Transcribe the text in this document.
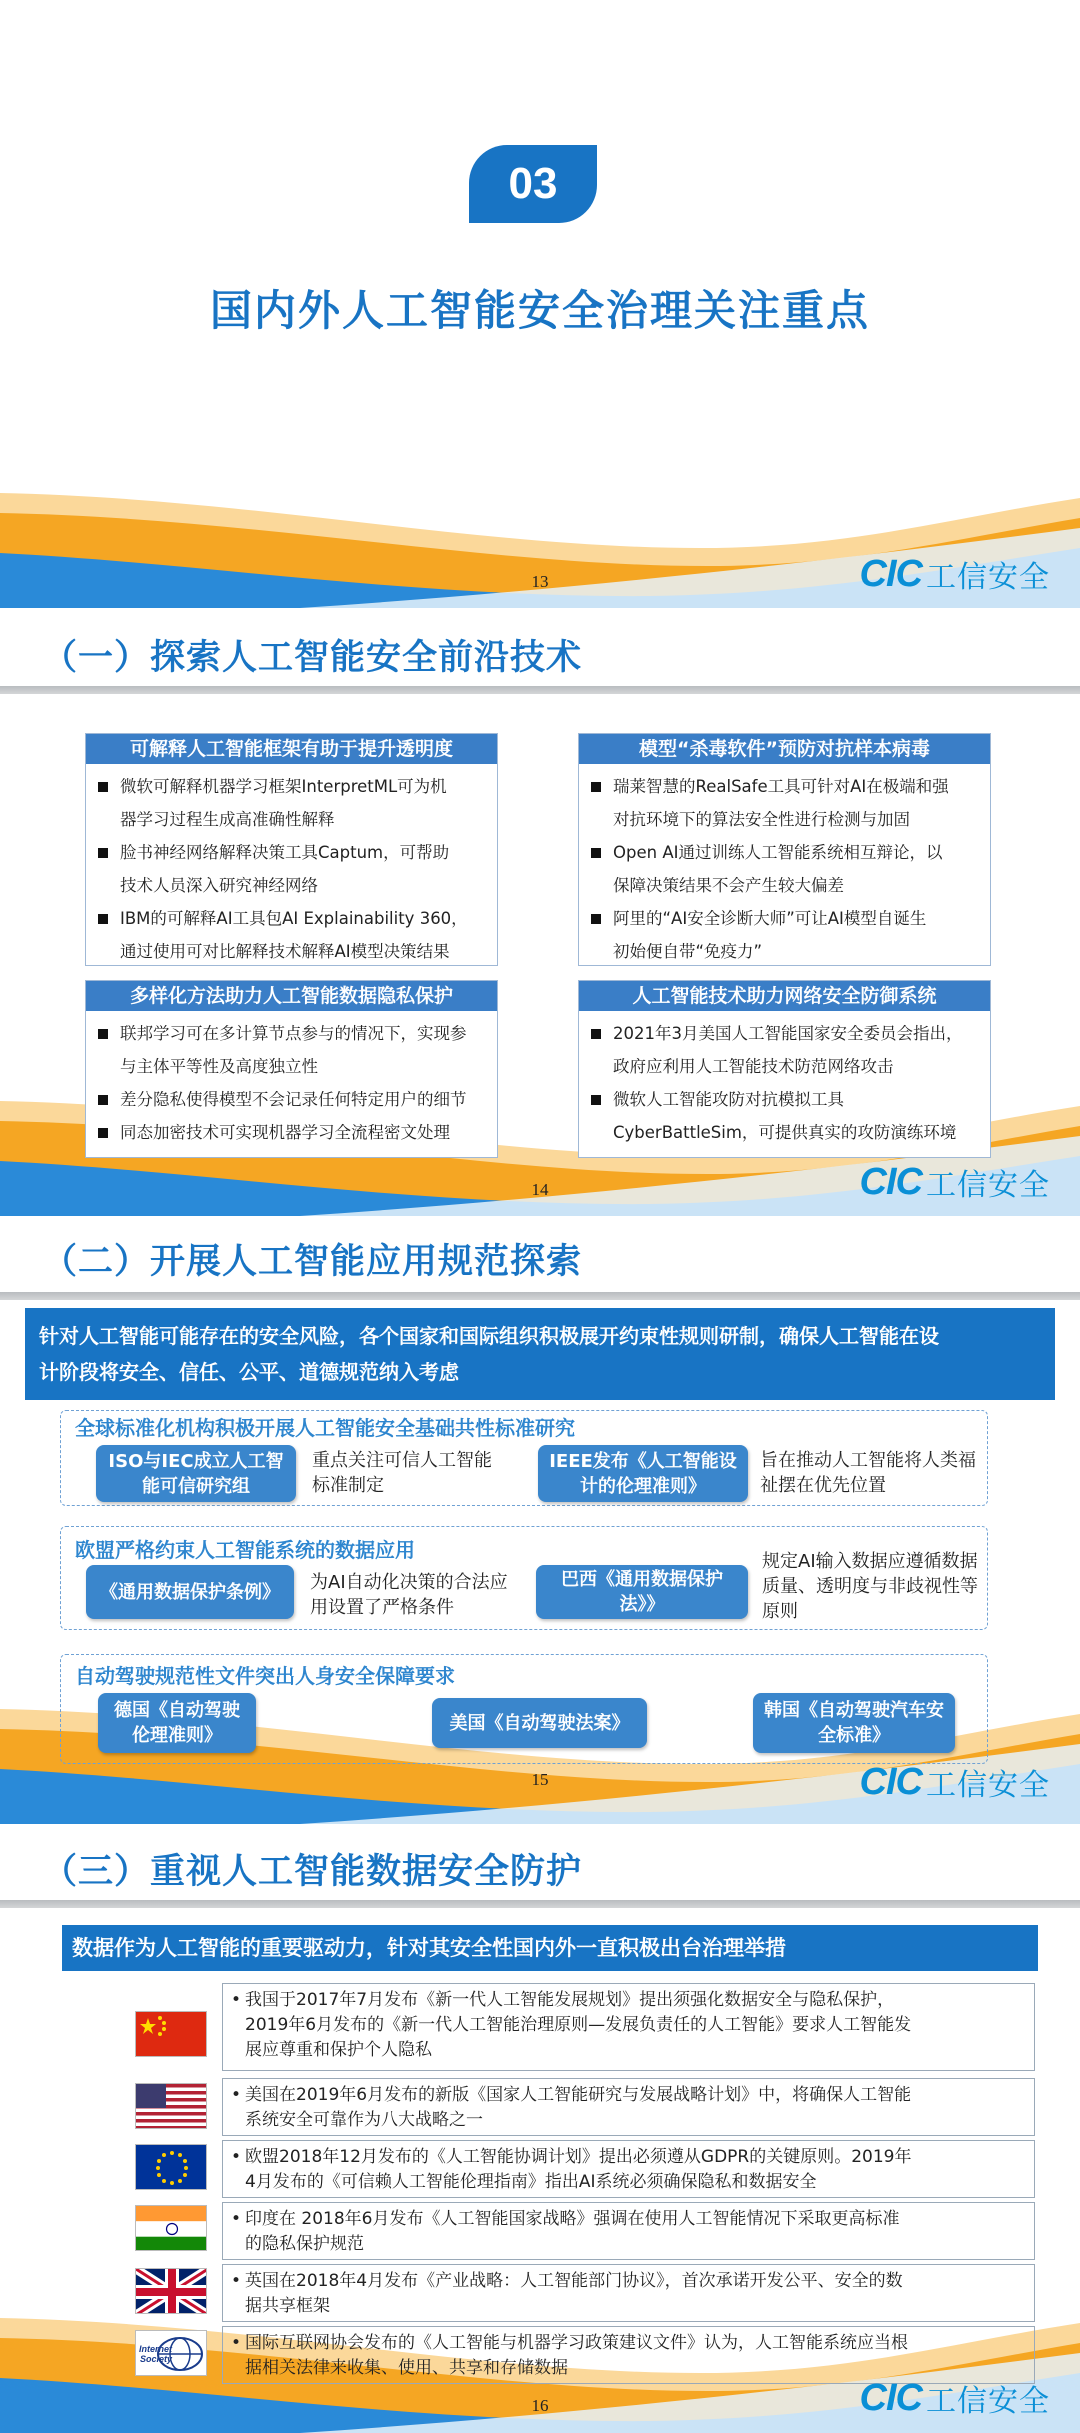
03
国内外人工智能安全治理关注重点
13	CIC 工信安全
（一）探索人工智能安全前沿技术
可解释人工智能框架有助于提升透明度
微软可解释机器学习框架InterpretML可为机
器学习过程生成高准确性解释
脸书神经网络解释决策工具Captum，可帮助
技术人员深入研究神经网络
IBM的可解释AI工具包AI Explainability 360，
通过使用可对比解释技术解释AI模型决策结果
模型“杀毒软件”预防对抗样本病毒
瑞莱智慧的RealSafe工具可针对AI在极端和强
对抗环境下的算法安全性进行检测与加固
Open AI通过训练人工智能系统相互辩论，以
保障决策结果不会产生较大偏差
阿里的“AI安全诊断大师”可让AI模型自诞生
初始便自带“免疫力”
多样化方法助力人工智能数据隐私保护
联邦学习可在多计算节点参与的情况下，实现参
与主体平等性及高度独立性
差分隐私使得模型不会记录任何特定用户的细节
同态加密技术可实现机器学习全流程密文处理
人工智能技术助力网络安全防御系统
2021年3月美国人工智能国家安全委员会指出，
政府应利用人工智能技术防范网络攻击
微软人工智能攻防对抗模拟工具
CyberBattleSim，可提供真实的攻防演练环境
14	CIC 工信安全
（二）开展人工智能应用规范探索
针对人工智能可能存在的安全风险，各个国家和国际组织积极展开约束性规则研制，确保人工智能在设
计阶段将安全、信任、公平、道德规范纳入考虑
全球标准化机构积极开展人工智能安全基础共性标准研究
ISO与IEC成立人工智能可信研究组
重点关注可信人工智能标准制定
IEEE发布《人工智能设计的伦理准则》
旨在推动人工智能将人类福祉摆在优先位置
欧盟严格约束人工智能系统的数据应用
《通用数据保护条例》	为AI自动化决策的合法应用设置了严格条件
巴西《通用数据保护法》》
规定AI输入数据应遵循数据质量、透明度与非歧视性等原则
自动驾驶规范性文件突出人身安全保障要求
德国《自动驾驶伦理准则》
美国《自动驾驶法案》
韩国《自动驾驶汽车安全标准》
15	CIC 工信安全
（三）重视人工智能数据安全防护
数据作为人工智能的重要驱动力，针对其安全性国内外一直积极出台治理举措
• 我国于2017年7月发布《新一代人工智能发展规划》提出须强化数据安全与隐私保护，
2019年6月发布的《新一代人工智能治理原则—发展负责任的人工智能》要求人工智能发
展应尊重和保护个人隐私
• 美国在2019年6月发布的新版《国家人工智能研究与发展战略计划》中，将确保人工智能
系统安全可靠作为八大战略之一
• 欧盟2018年12月发布的《人工智能协调计划》提出必须遵从GDPR的关键原则。2019年
4月发布的《可信赖人工智能伦理指南》指出AI系统必须确保隐私和数据安全
• 印度在 2018年6月发布《人工智能国家战略》强调在使用人工智能情况下采取更高标准
的隐私保护规范
• 英国在2018年4月发布《产业战略：人工智能部门协议》，首次承诺开发公平、安全的数
据共享框架
Internet
Society
• 国际互联网协会发布的《人工智能与机器学习政策建议文件》认为，人工智能系统应当根
据相关法律来收集、使用、共享和存储数据
16	CIC 工信安全
